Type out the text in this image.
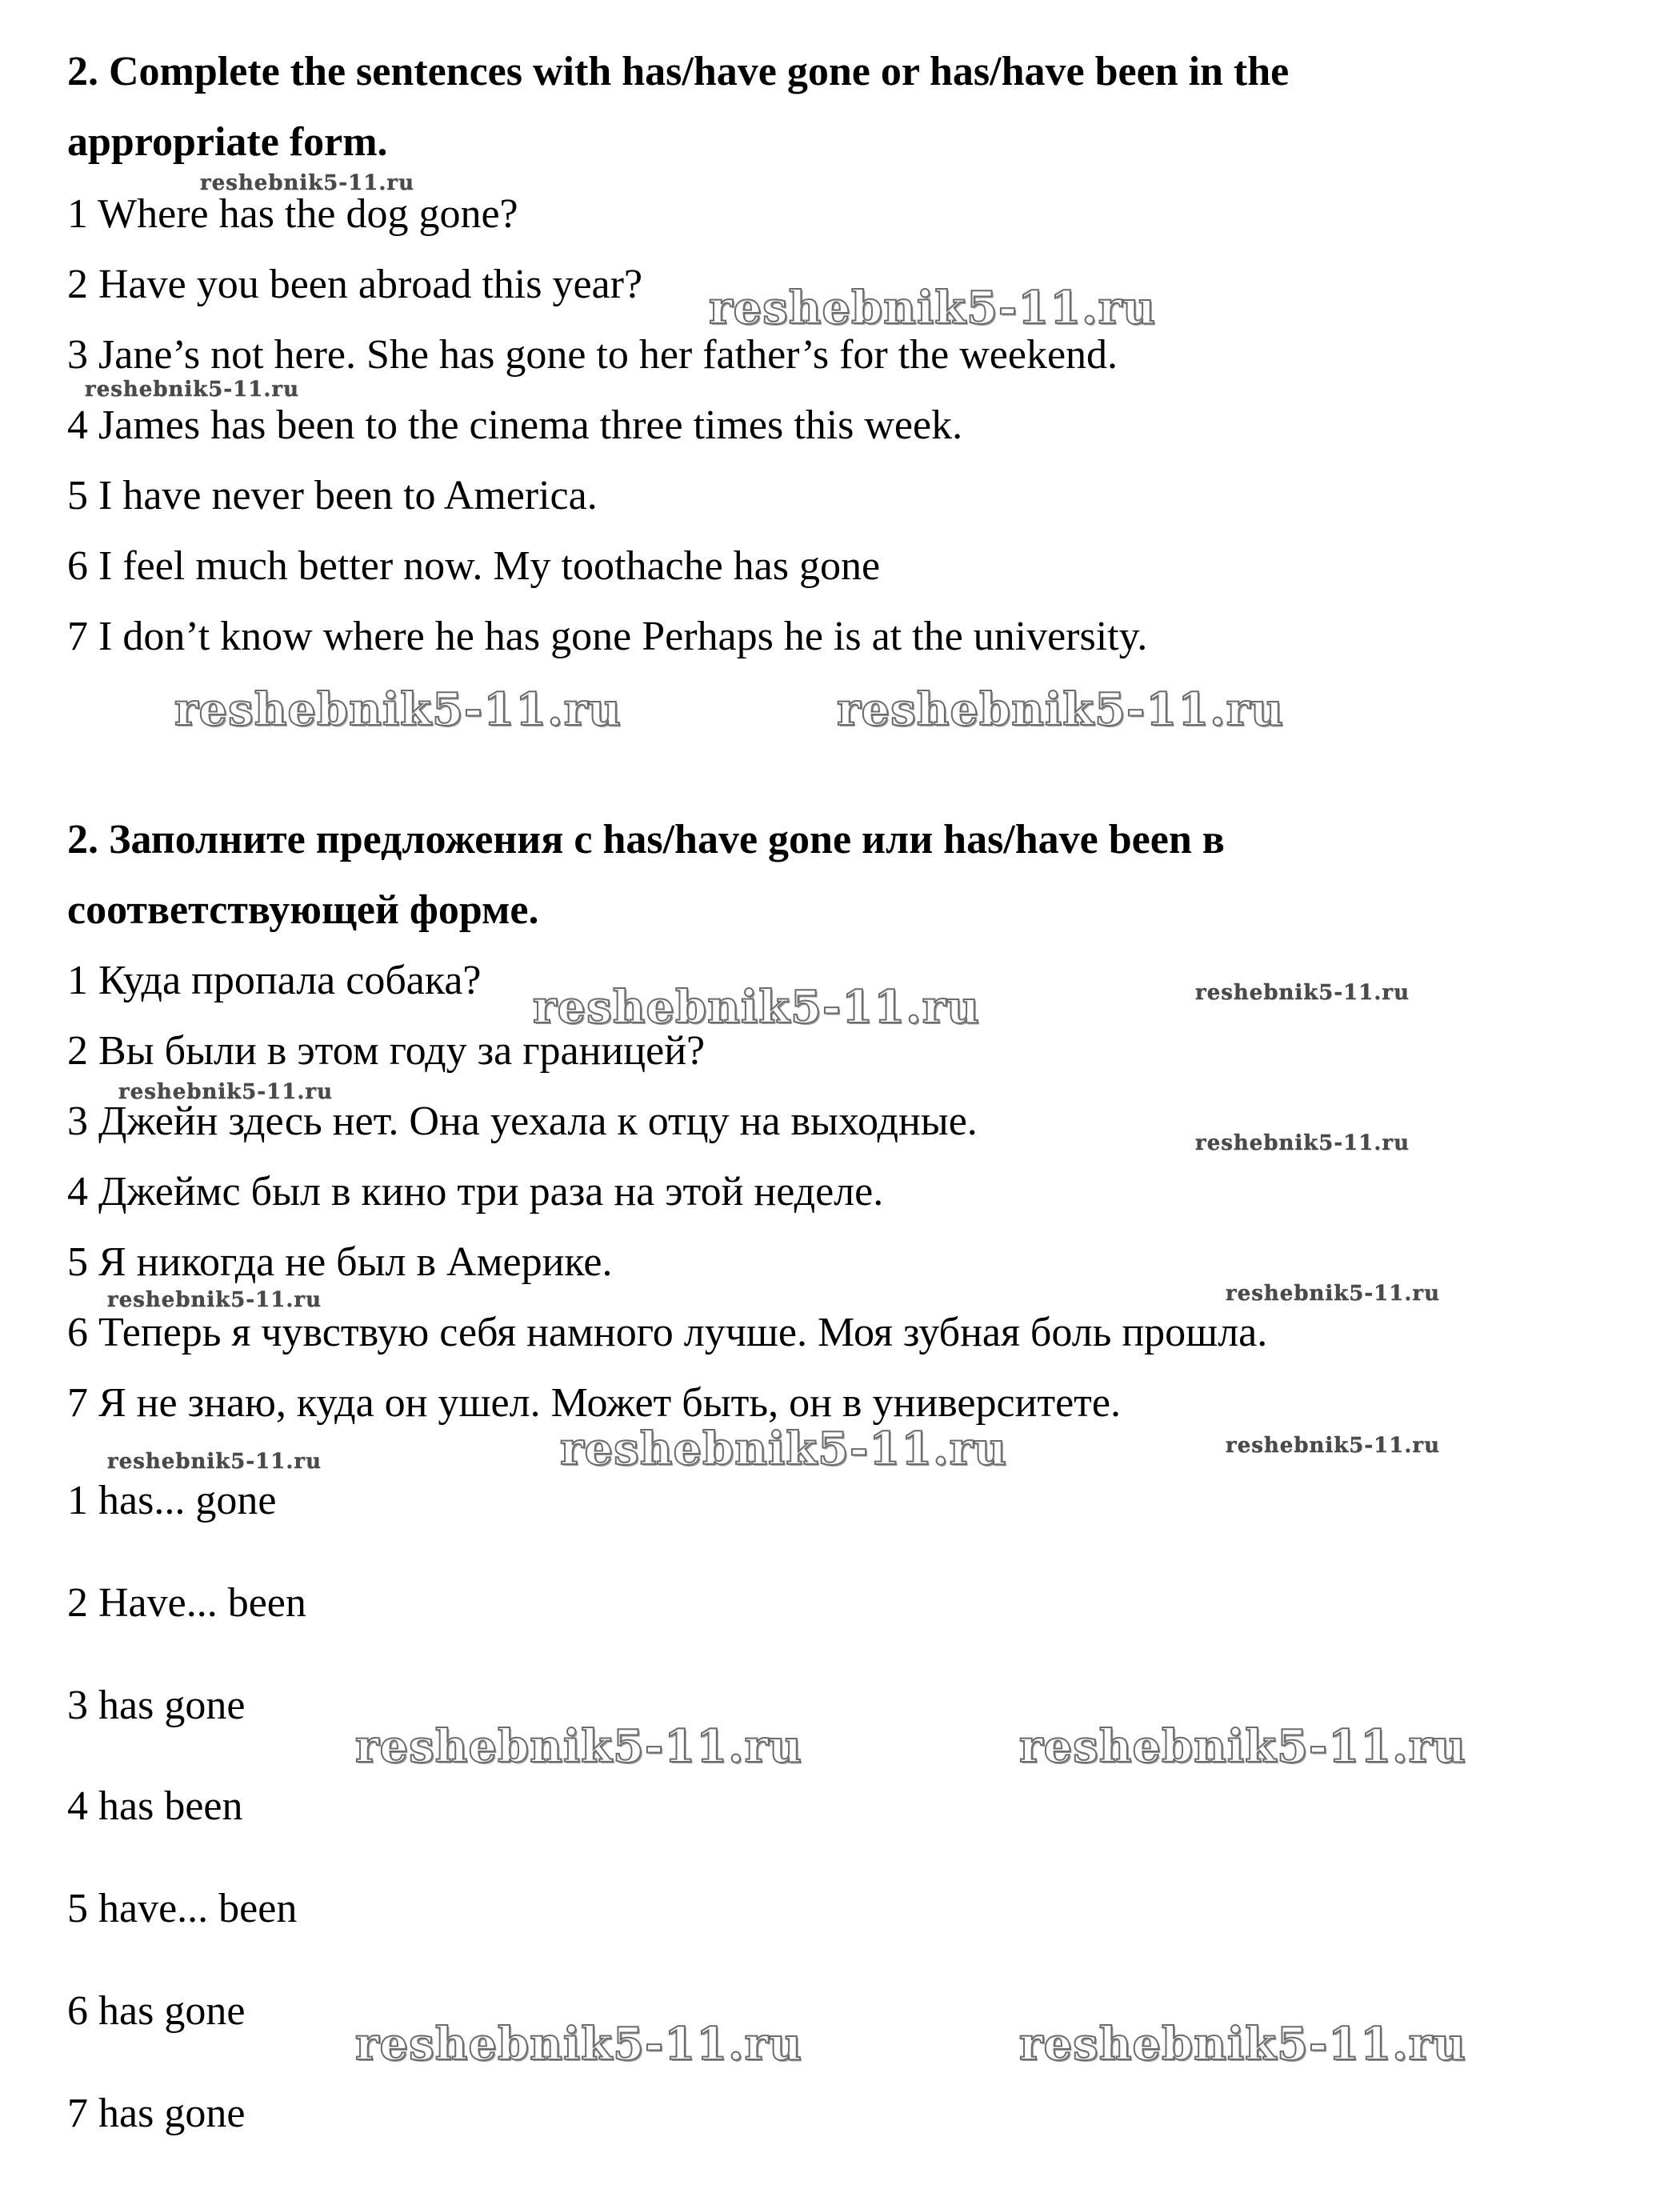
2. Complete the sentences with has/have gone or has/have been in the

appropriate form.

1 Where has the dog gone?

2 Have you been abroad this year?

3 Jane’s not here. She has gone to her father’s for the weekend.

4 James has been to the cinema three times this week.

5 I have never been to America.

6 I feel much better now. My toothache has gone

7 I don’t know where he has gone Perhaps he is at the university.

2. Заполните предложения с has/have gone или has/have been в

соответствующей форме.

1 Куда пропала собака?

2 Вы были в этом году за границей?

3 Джейн здесь нет. Она уехала к отцу на выходные.

4 Джеймс был в кино три раза на этой неделе.

5 Я никогда не был в Америке.

6 Теперь я чувствую себя намного лучше. Моя зубная боль прошла.

7 Я не знаю, куда он ушел. Может быть, он в университете.

1 has... gone

2 Have... been

3 has gone

4 has been

5 have... been

6 has gone

7 has gone

reshebnik5-11.ru
reshebnik5-11.ru
reshebnik5-11.ru
reshebnik5-11.ru	reshebnik5-11.ru
reshebnik5-11.ru	reshebnik5-11.ru
reshebnik5-11.ru
reshebnik5-11.ru
reshebnik5-11.ru	reshebnik5-11.ru
reshebnik5-11.ru
reshebnik5-11.ru
reshebnik5-11.ru
reshebnik5-11.ru	reshebnik5-11.ru
reshebnik5-11.ru	reshebnik5-11.ru
